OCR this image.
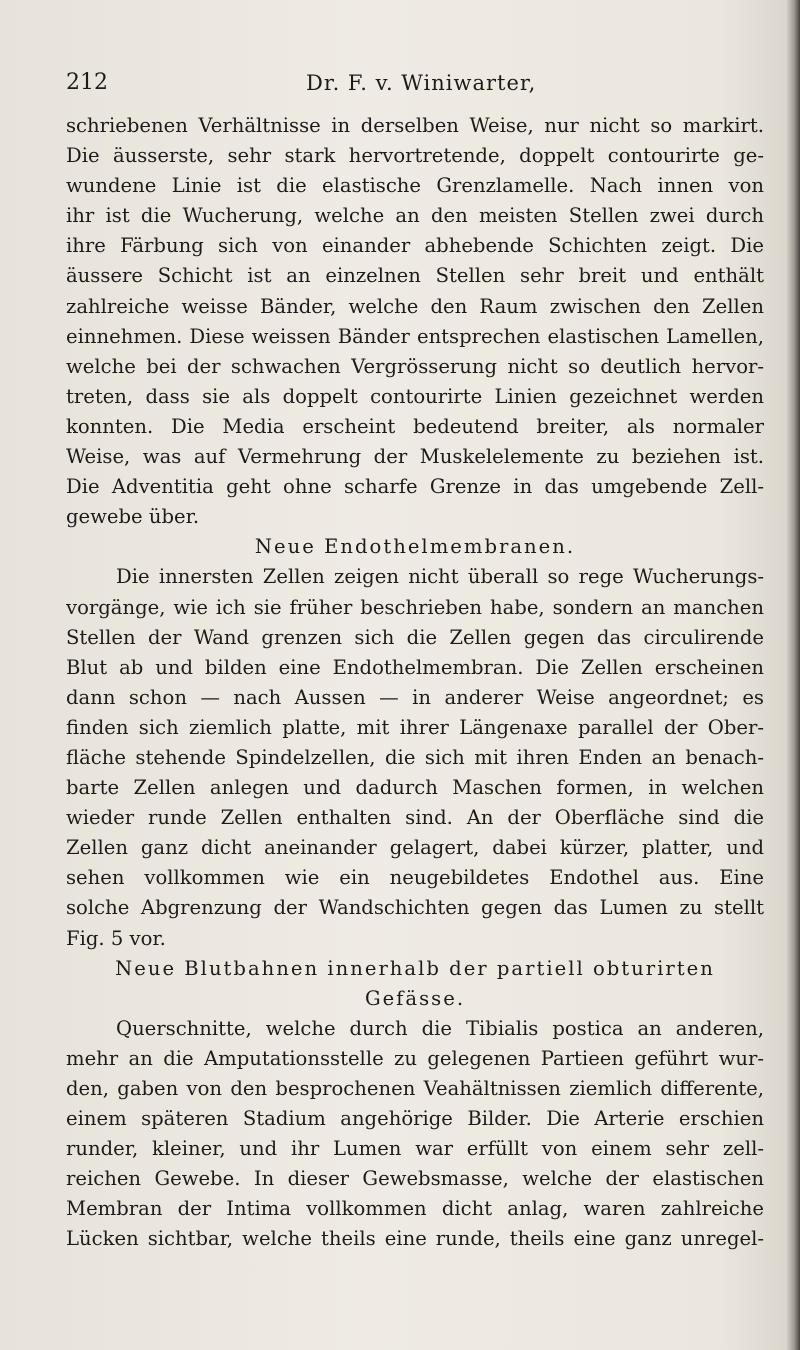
212	Dr. F. v. Winiwarter,
schriebenen Verhältnisse in derselben Weise, nur nicht so markirt.
Die äusserste, sehr stark hervortretende, doppelt contourirte ge-
wundene Linie ist die elastische Grenzlamelle. Nach innen von
ihr ist die Wucherung, welche an den meisten Stellen zwei durch
ihre Färbung sich von einander abhebende Schichten zeigt. Die
äussere Schicht ist an einzelnen Stellen sehr breit und enthält
zahlreiche weisse Bänder, welche den Raum zwischen den Zellen
einnehmen. Diese weissen Bänder entsprechen elastischen Lamellen,
welche bei der schwachen Vergrösserung nicht so deutlich hervor-
treten, dass sie als doppelt contourirte Linien gezeichnet werden
konnten. Die Media erscheint bedeutend breiter, als normaler
Weise, was auf Vermehrung der Muskelelemente zu beziehen ist.
Die Adventitia geht ohne scharfe Grenze in das umgebende Zell-
gewebe über.
Neue Endothelmembranen.
Die innersten Zellen zeigen nicht überall so rege Wucherungs-
vorgänge, wie ich sie früher beschrieben habe, sondern an manchen
Stellen der Wand grenzen sich die Zellen gegen das circulirende
Blut ab und bilden eine Endothelmembran. Die Zellen erscheinen
dann schon — nach Aussen — in anderer Weise angeordnet; es
finden sich ziemlich platte, mit ihrer Längenaxe parallel der Ober-
fläche stehende Spindelzellen, die sich mit ihren Enden an benach-
barte Zellen anlegen und dadurch Maschen formen, in welchen
wieder runde Zellen enthalten sind. An der Oberfläche sind die
Zellen ganz dicht aneinander gelagert, dabei kürzer, platter, und
sehen vollkommen wie ein neugebildetes Endothel aus. Eine
solche Abgrenzung der Wandschichten gegen das Lumen zu stellt
Fig. 5 vor.
Neue Blutbahnen innerhalb der partiell obturirten
Gefässe.
Querschnitte, welche durch die Tibialis postica an anderen,
mehr an die Amputationsstelle zu gelegenen Partieen geführt wur-
den, gaben von den besprochenen Veahältnissen ziemlich differente,
einem späteren Stadium angehörige Bilder. Die Arterie erschien
runder, kleiner, und ihr Lumen war erfüllt von einem sehr zell-
reichen Gewebe. In dieser Gewebsmasse, welche der elastischen
Membran der Intima vollkommen dicht anlag, waren zahlreiche
Lücken sichtbar, welche theils eine runde, theils eine ganz unregel-
